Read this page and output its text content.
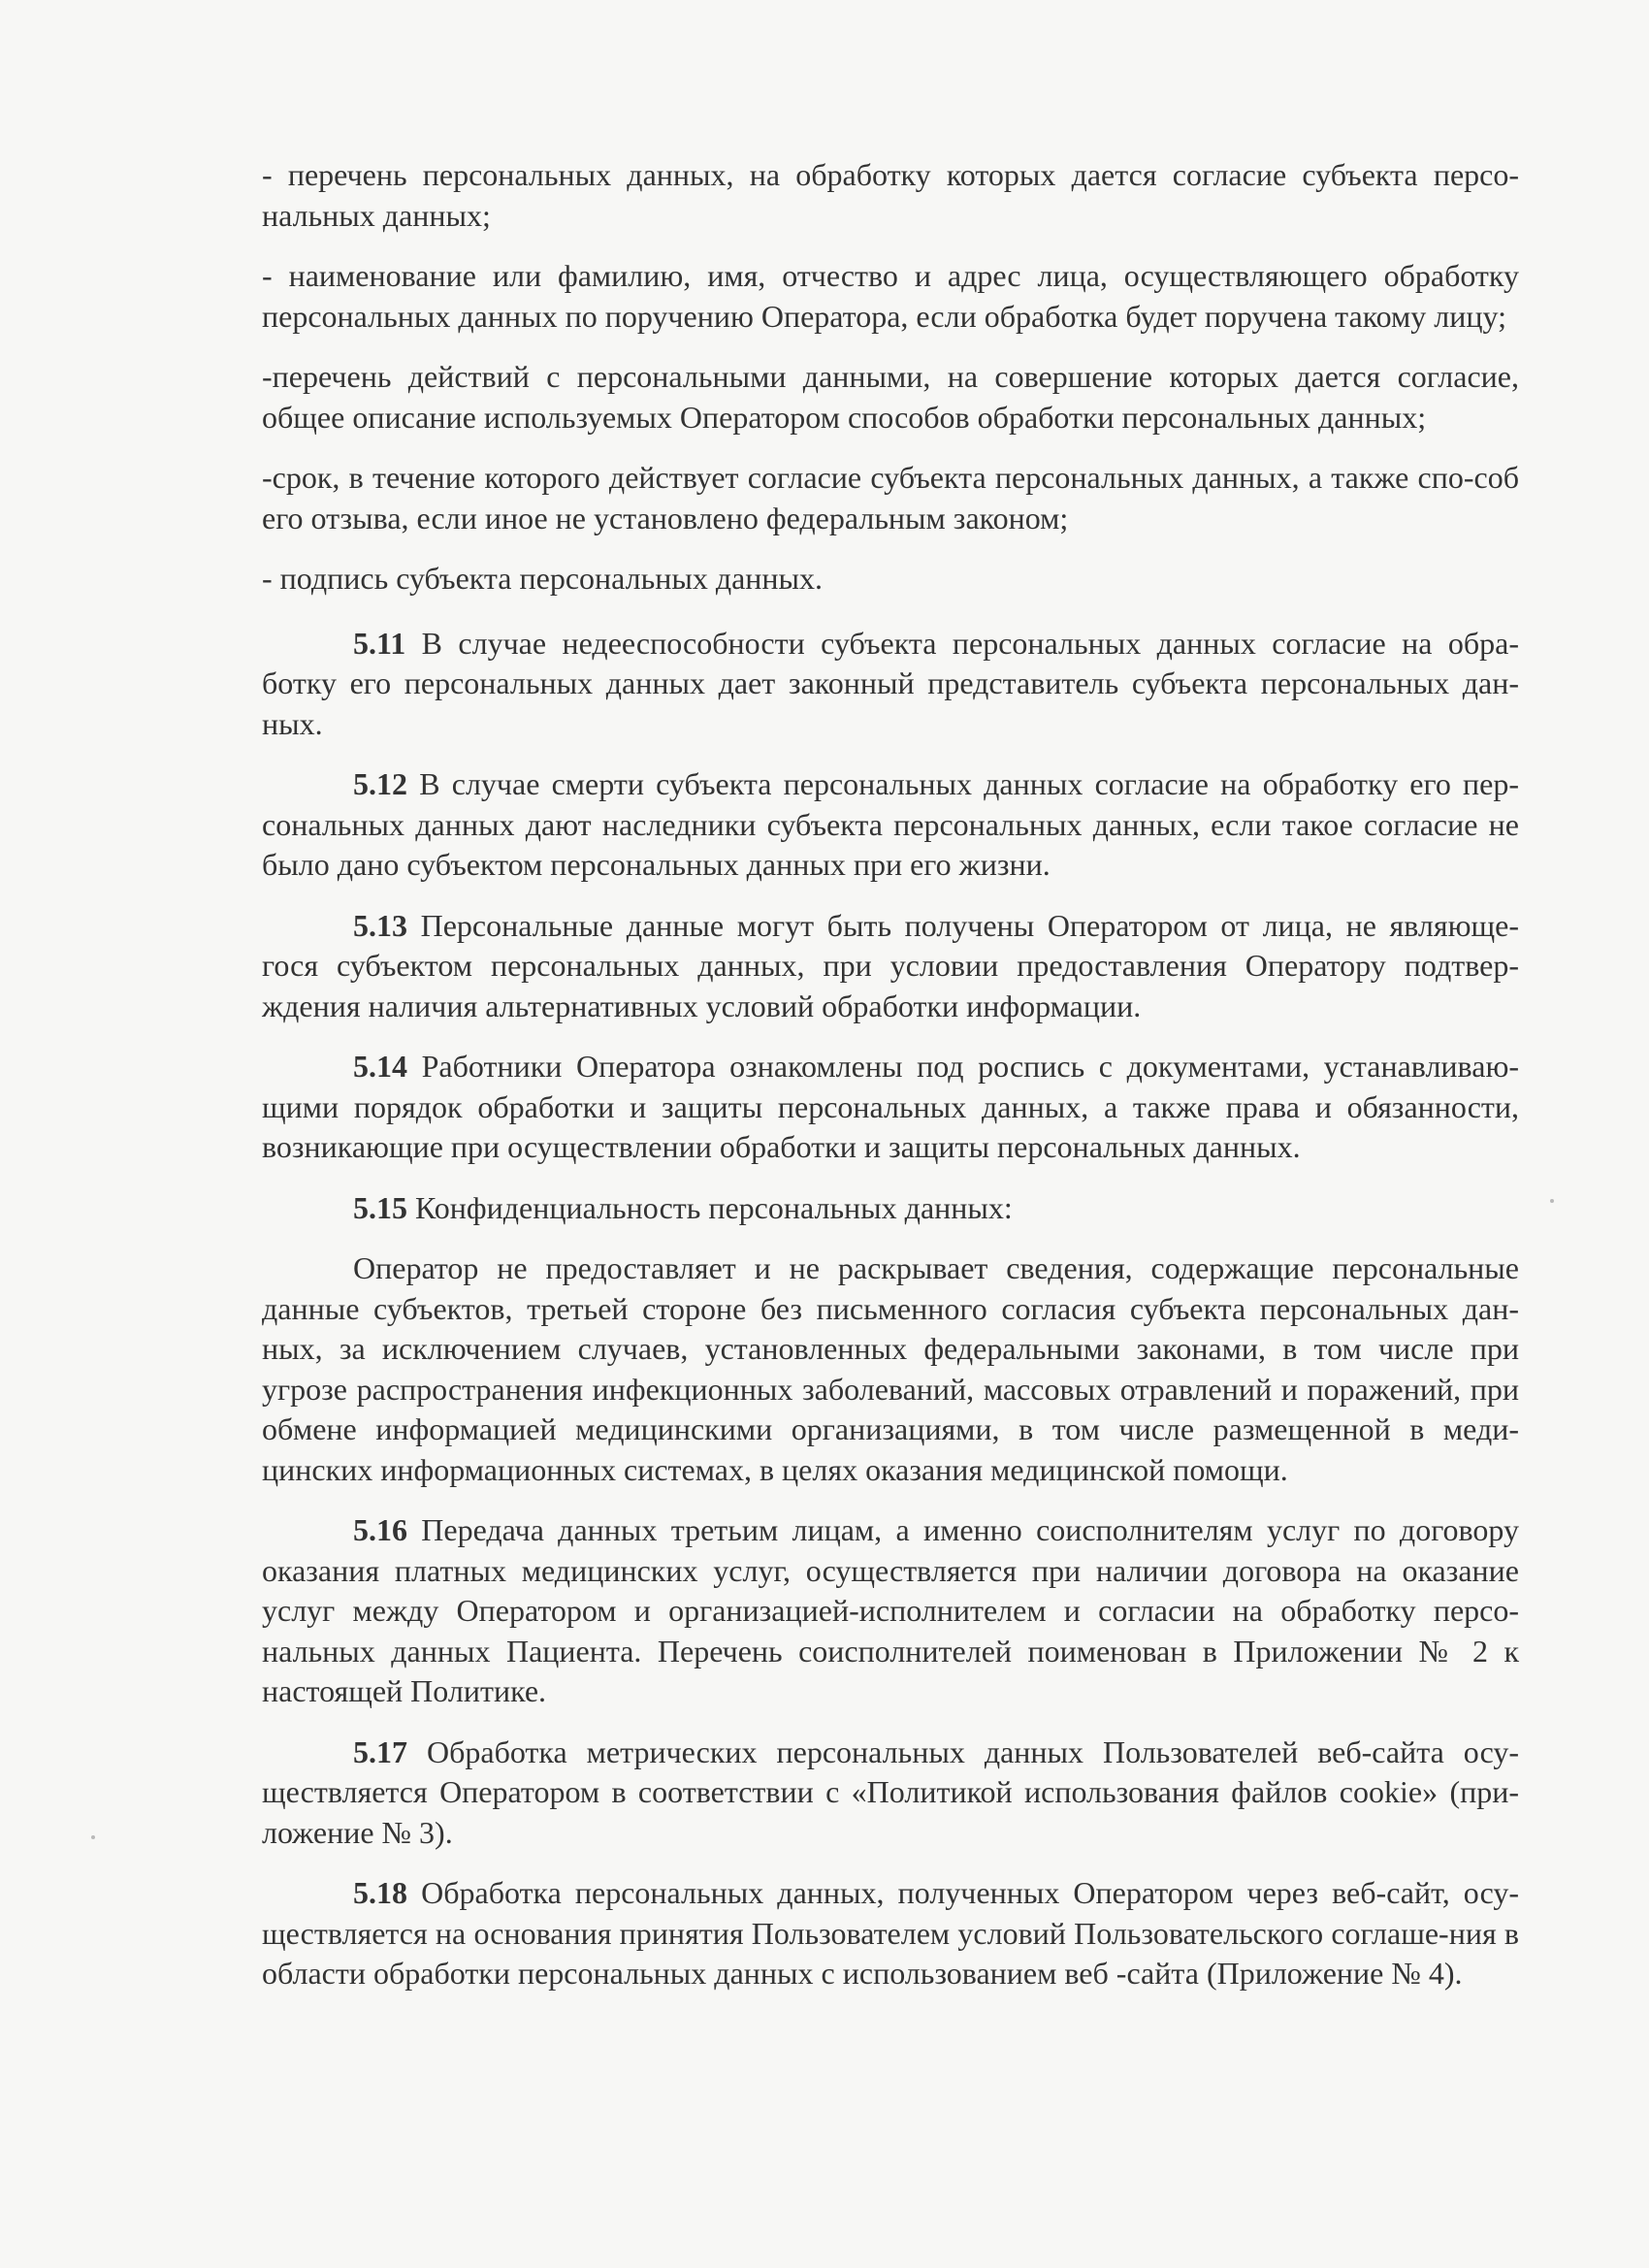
- перечень персональных данных, на обработку которых дается согласие субъекта персо-нальных данных;

- наименование или фамилию, имя, отчество и адрес лица, осуществляющего обработку персональных данных по поручению Оператора, если обработка будет поручена такому лицу;

-перечень действий с персональными данными, на совершение которых дается согласие, общее описание используемых Оператором способов обработки персональных данных;

-срок, в течение которого действует согласие субъекта персональных данных, а также спо-соб его отзыва, если иное не установлено федеральным законом;

- подпись субъекта персональных данных.

5.11 В случае недееспособности субъекта персональных данных согласие на обра-ботку его персональных данных дает законный представитель субъекта персональных дан-ных.

5.12 В случае смерти субъекта персональных данных согласие на обработку его пер-сональных данных дают наследники субъекта персональных данных, если такое согласие не было дано субъектом персональных данных при его жизни.

5.13 Персональные данные могут быть получены Оператором от лица, не являюще-гося субъектом персональных данных, при условии предоставления Оператору подтвер-ждения наличия альтернативных условий обработки информации.

5.14 Работники Оператора ознакомлены под роспись с документами, устанавливаю-щими порядок обработки и защиты персональных данных, а также права и обязанности, возникающие при осуществлении обработки и защиты персональных данных.

5.15 Конфиденциальность персональных данных:

Оператор не предоставляет и не раскрывает сведения, содержащие персональные данные субъектов, третьей стороне без письменного согласия субъекта персональных дан-ных, за исключением случаев, установленных федеральными законами, в том числе при угрозе распространения инфекционных заболеваний, массовых отравлений и поражений, при обмене информацией медицинскими организациями, в том числе размещенной в меди-цинских информационных системах, в целях оказания медицинской помощи.

5.16 Передача данных третьим лицам, а именно соисполнителям услуг по договору оказания платных медицинских услуг, осуществляется при наличии договора на оказание услуг между Оператором и организацией-исполнителем и согласии на обработку персо-нальных данных Пациента. Перечень соисполнителей поименован в Приложении № 2 к настоящей Политике.

5.17 Обработка метрических персональных данных Пользователей веб-сайта осу-ществляется Оператором в соответствии с «Политикой использования файлов cookie» (при-ложение № 3).

5.18 Обработка персональных данных, полученных Оператором через веб-сайт, осу-ществляется на основания принятия Пользователем условий Пользовательского соглаше-ния в области обработки персональных данных с использованием веб -сайта (Приложение № 4).
